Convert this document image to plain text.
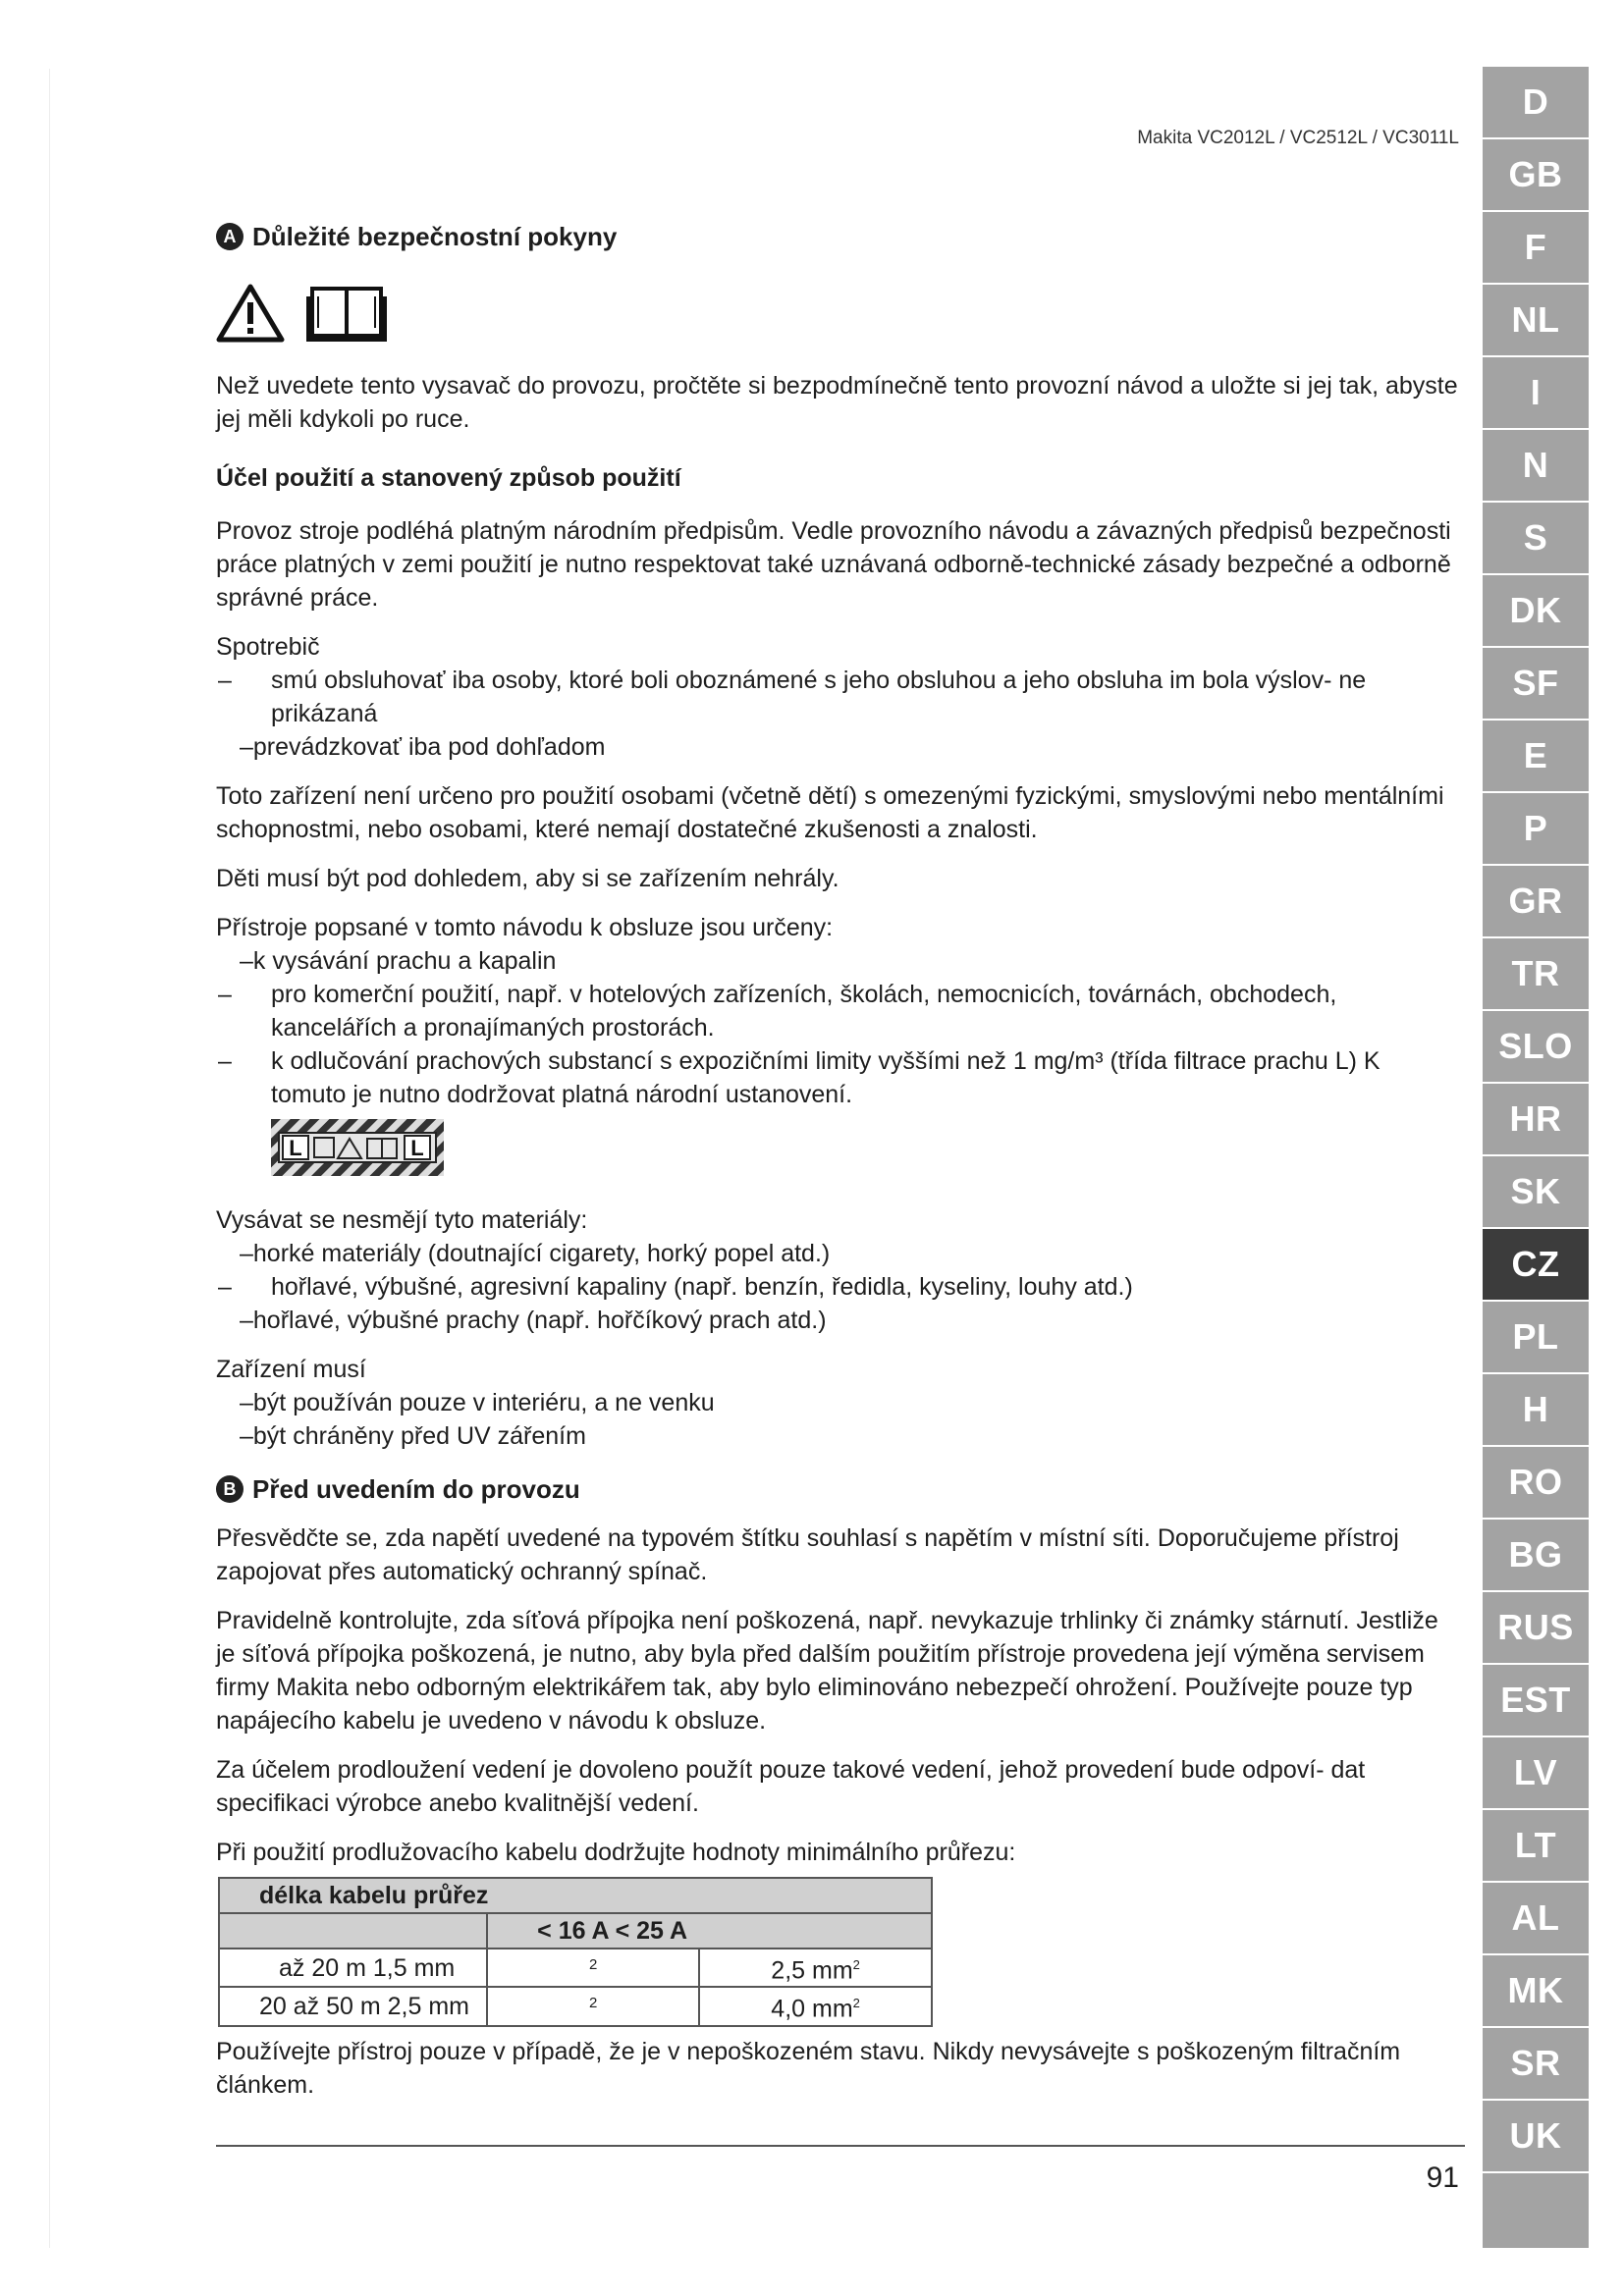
Makita VC2012L / VC2512L / VC3011L
D
GB
F
NL
I
N
S
DK
SF
E
P
GR
TR
SLO
HR
SK
CZ
PL
H
RO
BG
RUS
EST
LV
LT
AL
MK
SR
UK
A Důležité bezpečnostní pokyny

Než uvedete tento vysavač do provozu, pročtěte si bezpodmínečně tento provozní návod a uložte si jej tak, abyste jej měli kdykoli po ruce.

Účel použití a stanovený způsob použití

Provoz stroje podléhá platným národním předpisům. Vedle provozního návodu a závazných předpisů bezpečnosti práce platných v zemi použití je nutno respektovat také uznávaná odborně-technické zásady bezpečné a odborně správné práce.

Spotrebič
–	smú obsluhovať iba osoby, ktoré boli oboznámené s jeho obsluhou a jeho obsluha im bola výslov- ne prikázaná
–prevádzkovať iba pod dohľadom

Toto zařízení není určeno pro použití osobami (včetně dětí) s omezenými fyzickými, smyslovými nebo mentálními schopnostmi, nebo osobami, které nemají dostatečné zkušenosti a znalosti.

Děti musí být pod dohledem, aby si se zařízením nehrály.

Přístroje popsané v tomto návodu k obsluze jsou určeny:
–k vysávání prachu a kapalin
–	pro komerční použití, např. v hotelových zařízeních, školách, nemocnicích, továrnách, obchodech, kancelářích a pronajímaných prostorách.
–	k odlučování prachových substancí s expozičními limity vyššími než 1 mg/m³ (třída filtrace prachu L) K tomuto je nutno dodržovat platná národní ustanovení.
L	L
Vysávat se nesmějí tyto materiály:
–horké materiály (doutnající cigarety, horký popel atd.)
–	hořlavé, výbušné, agresivní kapaliny (např. benzín, ředidla, kyseliny, louhy atd.)
–hořlavé, výbušné prachy (např. hořčíkový prach atd.)
Zařízení musí
–být používán pouze v interiéru, a ne venku
–být chráněny před UV zářením
B Před uvedením do provozu

Přesvědčte se, zda napětí uvedené na typovém štítku souhlasí s napětím v místní síti. Doporučujeme přístroj zapojovat přes automatický ochranný spínač.

Pravidelně kontrolujte, zda síťová přípojka není poškozená, např. nevykazuje trhlinky či známky stárnutí. Jestliže je síťová přípojka poškozená, je nutno, aby byla před dalším použitím přístroje provedena její výměna servisem firmy Makita nebo odborným elektrikářem tak, aby bylo eliminováno nebezpečí ohrožení. Používejte pouze typ napájecího kabelu je uvedeno v návodu k obsluze.

Za účelem prodloužení vedení je dovoleno použít pouze takové vedení, jehož provedení bude odpoví- dat specifikaci výrobce anebo kvalitnější vedení.

Při použití prodlužovacího kabelu dodržujte hodnoty minimálního průřezu:

délka kabelu průřez		
	< 16 A < 25 A	
až 20 m 1,5 mm	2	2,5 $mm^2$
20 až 50 m 2,5 mm	2	4,0 $mm^2$

Používejte přístroj pouze v případě, že je v nepoškozeném stavu. Nikdy nevysávejte s poškozeným filtračním článkem.

91
